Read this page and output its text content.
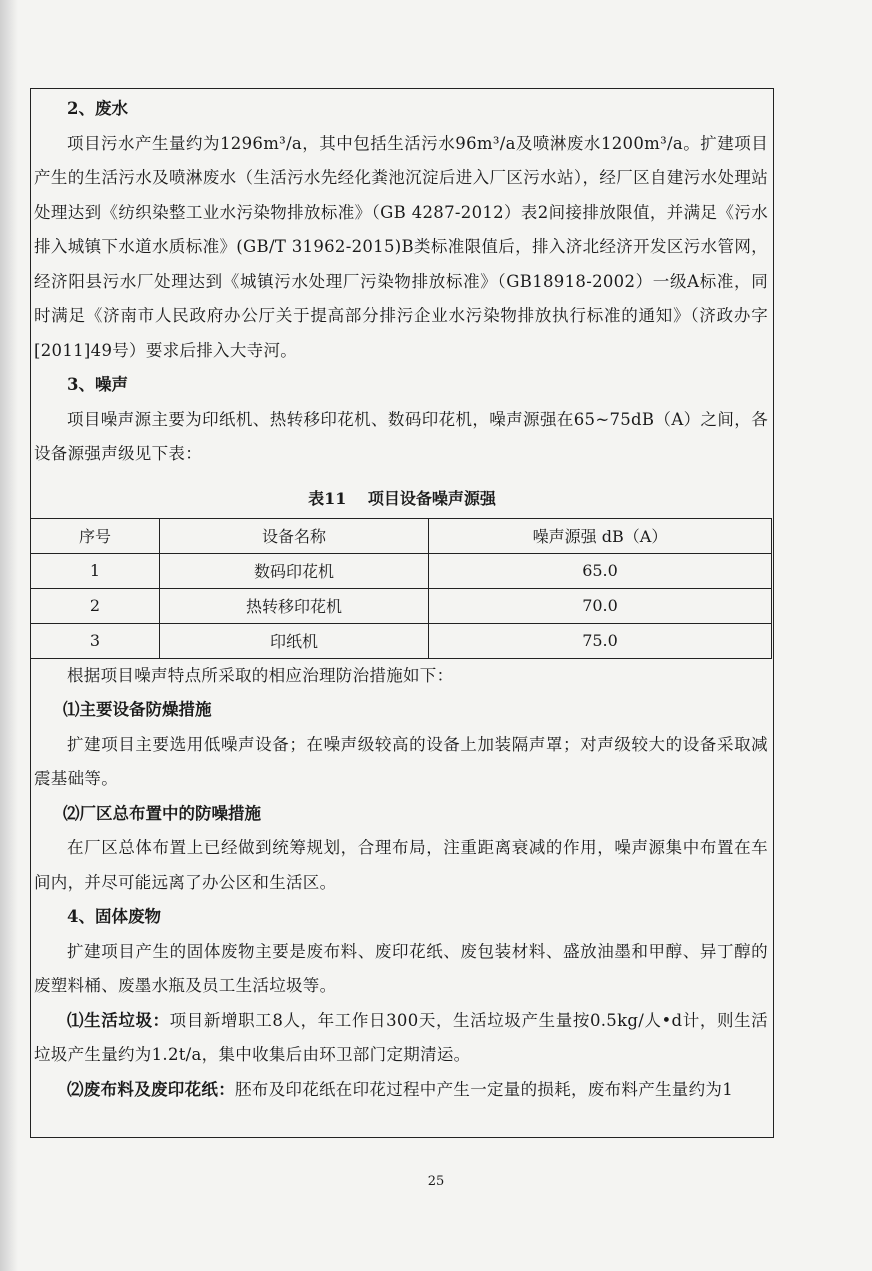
2、废水

项目污水产生量约为1296m³/a，其中包括生活污水96m³/a及喷淋废水1200m³/a。扩建项目产生的生活污水及喷淋废水（生活污水先经化粪池沉淀后进入厂区污水站），经厂区自建污水处理站处理达到《纺织染整工业水污染物排放标准》（GB 4287-2012）表2间接排放限值，并满足《污水排入城镇下水道水质标准》(GB/T 31962-2015)B类标准限值后，排入济北经济开发区污水管网，经济阳县污水厂处理达到《城镇污水处理厂污染物排放标准》（GB18918-2002）一级A标准，同时满足《济南市人民政府办公厅关于提高部分排污企业水污染物排放执行标准的通知》（济政办字[2011]49号）要求后排入大寺河。

3、噪声

项目噪声源主要为印纸机、热转移印花机、数码印花机，噪声源强在65~75dB（A）之间，各设备源强声级见下表：

表11　 项目设备噪声源强
序号	设备名称	噪声源强 dB（A）
1	数码印花机	65.0
2	热转移印花机	70.0
3	印纸机	75.0

根据项目噪声特点所采取的相应治理防治措施如下：

⑴主要设备防燥措施

扩建项目主要选用低噪声设备；在噪声级较高的设备上加装隔声罩；对声级较大的设备采取减震基础等。

⑵厂区总布置中的防噪措施

在厂区总体布置上已经做到统筹规划，合理布局，注重距离衰减的作用，噪声源集中布置在车间内，并尽可能远离了办公区和生活区。

4、固体废物

扩建项目产生的固体废物主要是废布料、废印花纸、废包装材料、盛放油墨和甲醇、异丁醇的废塑料桶、废墨水瓶及员工生活垃圾等。

⑴生活垃圾：项目新增职工8人，年工作日300天，生活垃圾产生量按0.5kg/人•d计，则生活垃圾产生量约为1.2t/a，集中收集后由环卫部门定期清运。

⑵废布料及废印花纸：胚布及印花纸在印花过程中产生一定量的损耗，废布料产生量约为1

25
